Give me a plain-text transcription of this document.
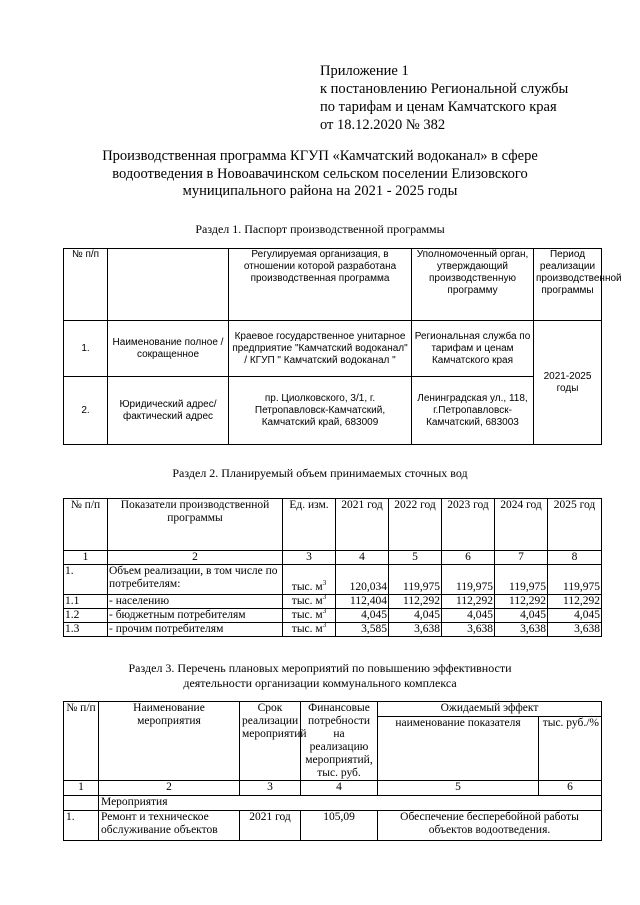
Приложение 1
к постановлению Региональной службы
по тарифам и ценам Камчатского края
от 18.12.2020 № 382
Производственная программа КГУП «Камчатский водоканал» в сфере водоотведения в Новоавачинском сельском поселении Елизовского муниципального района на 2021 - 2025 годы
Раздел 1. Паспорт производственной программы
№ п/п		Регулируемая организация, в отношении которой разработана производственная программа	Уполномоченный орган, утверждающий производственную программу	Период реализации производственной программы
1.	Наименование полное / сокращенное	Краевое государственное унитарное предприятие "Камчатский водоканал" / КГУП " Камчатский водоканал "	Региональная служба по тарифам и ценам Камчатского края	2021-2025 годы
2.	Юридический адрес/фактический адрес	пр. Циолковского, 3/1, г. Петропавловск-Камчатский, Камчатский край, 683009	Ленинградская ул., 118, г.Петропавловск-Камчатский, 683003	
Раздел 2. Планируемый объем принимаемых сточных вод
№ п/п	Показатели производственной программы	Ед. изм.	2021 год	2022 год	2023 год	2024 год	2025 год
1	2	3	4	5	6	7	8
1.	Объем реализации, в том числе по потребителям:	тыс. $м^3$	120,034	119,975	119,975	119,975	119,975
1.1	- населению	тыс. $м^3$	112,404	112,292	112,292	112,292	112,292
1.2	- бюджетным потребителям	тыс. $м^3$	4,045	4,045	4,045	4,045	4,045
1.3	- прочим потребителям	тыс. $м^3$	3,585	3,638	3,638	3,638	3,638
Раздел 3. Перечень плановых мероприятий по повышению эффективности
деятельности организации коммунального комплекса
№ п/п	Наименование мероприятия	Срок реализации мероприятий	Финансовые потребности на реализацию мероприятий, тыс. руб.	Ожидаемый эффект	
				наименование показателя	тыс. руб./%
1	2	3	4	5	6
	Мероприятия				
1.	Ремонт и техническое обслуживание объектов	2021 год	105,09	Обеспечение бесперебойной работы объектов водоотведения.	
